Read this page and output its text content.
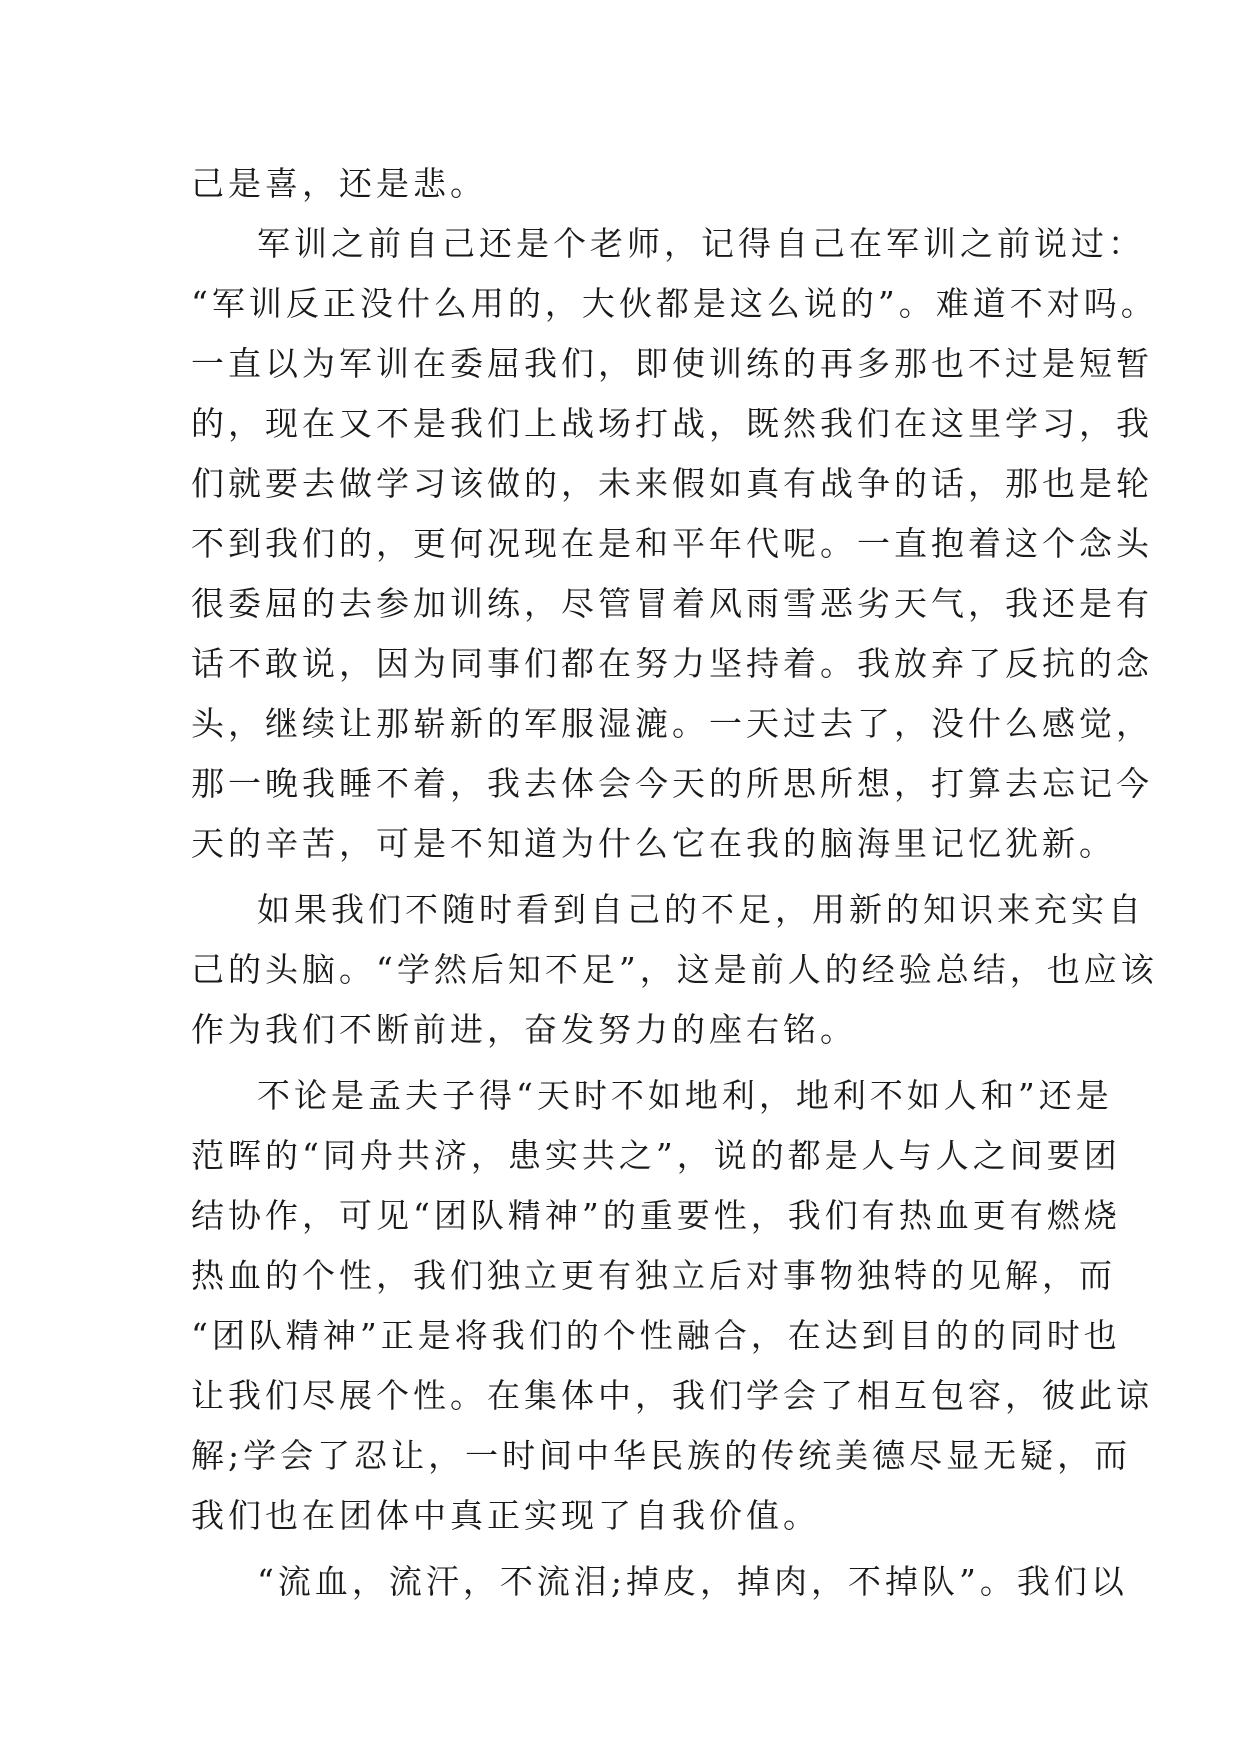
己是喜，还是悲。
军训之前自己还是个老师，记得自己在军训之前说过：
“军训反正没什么用的，大伙都是这么说的”。难道不对吗。
一直以为军训在委屈我们，即使训练的再多那也不过是短暂
的，现在又不是我们上战场打战，既然我们在这里学习，我
们就要去做学习该做的，未来假如真有战争的话，那也是轮
不到我们的，更何况现在是和平年代呢。一直抱着这个念头
很委屈的去参加训练，尽管冒着风雨雪恶劣天气，我还是有
话不敢说，因为同事们都在努力坚持着。我放弃了反抗的念
头，继续让那崭新的军服湿漉。一天过去了，没什么感觉，
那一晚我睡不着，我去体会今天的所思所想，打算去忘记今
天的辛苦，可是不知道为什么它在我的脑海里记忆犹新。
如果我们不随时看到自己的不足，用新的知识来充实自
己的头脑。“学然后知不足”，这是前人的经验总结，也应该
作为我们不断前进，奋发努力的座右铭。
不论是孟夫子得“天时不如地利，地利不如人和”还是
范晖的“同舟共济，患实共之”，说的都是人与人之间要团
结协作，可见“团队精神”的重要性，我们有热血更有燃烧
热血的个性，我们独立更有独立后对事物独特的见解，而
“团队精神”正是将我们的个性融合，在达到目的的同时也
让我们尽展个性。在集体中，我们学会了相互包容，彼此谅
解;学会了忍让，一时间中华民族的传统美德尽显无疑，而
我们也在团体中真正实现了自我价值。
“流血，流汗，不流泪;掉皮，掉肉，不掉队”。我们以
